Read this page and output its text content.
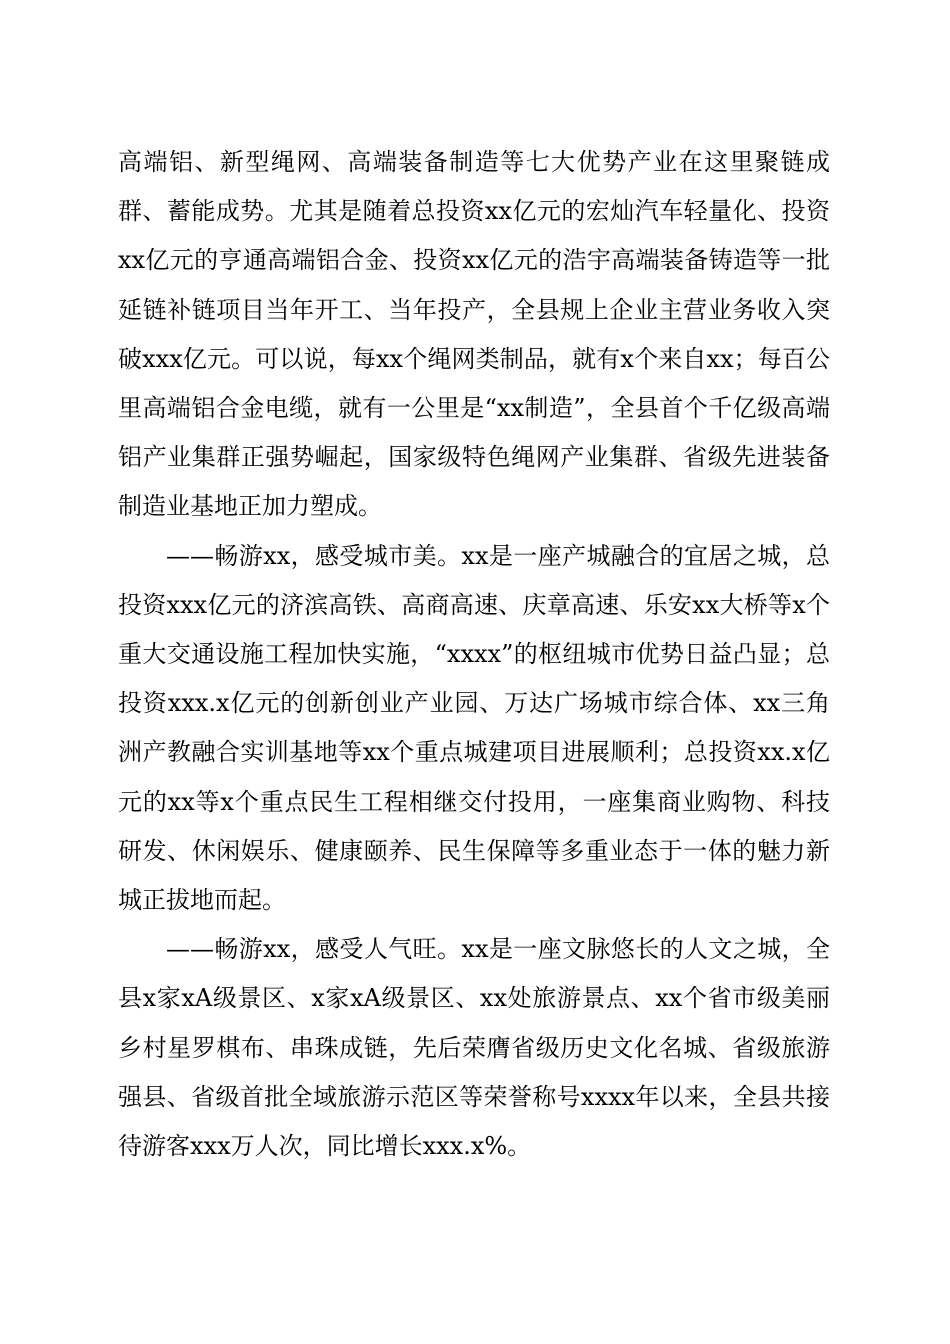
高端铝、新型绳网、高端装备制造等七大优势产业在这里聚链成群、蓄能成势。尤其是随着总投资xx亿元的宏灿汽车轻量化、投资xx亿元的亨通高端铝合金、投资xx亿元的浩宇高端装备铸造等一批延链补链项目当年开工、当年投产，全县规上企业主营业务收入突破xxx亿元。可以说，每xx个绳网类制品，就有x个来自xx；每百公里高端铝合金电缆，就有一公里是“xx制造”，全县首个千亿级高端铝产业集群正强势崛起，国家级特色绳网产业集群、省级先进装备制造业基地正加力塑成。

——畅游xx，感受城市美。xx是一座产城融合的宜居之城，总投资xxx亿元的济滨高铁、高商高速、庆章高速、乐安xx大桥等x个重大交通设施工程加快实施，“xxxx”的枢纽城市优势日益凸显；总投资xxx.x亿元的创新创业产业园、万达广场城市综合体、xx三角洲产教融合实训基地等xx个重点城建项目进展顺利；总投资xx.x亿元的xx等x个重点民生工程相继交付投用，一座集商业购物、科技研发、休闲娱乐、健康颐养、民生保障等多重业态于一体的魅力新城正拔地而起。

——畅游xx，感受人气旺。xx是一座文脉悠长的人文之城，全县x家xA级景区、x家xA级景区、xx处旅游景点、xx个省市级美丽乡村星罗棋布、串珠成链，先后荣膺省级历史文化名城、省级旅游强县、省级首批全域旅游示范区等荣誉称号xxxx年以来，全县共接待游客xxx万人次，同比增长xxx.x%。
